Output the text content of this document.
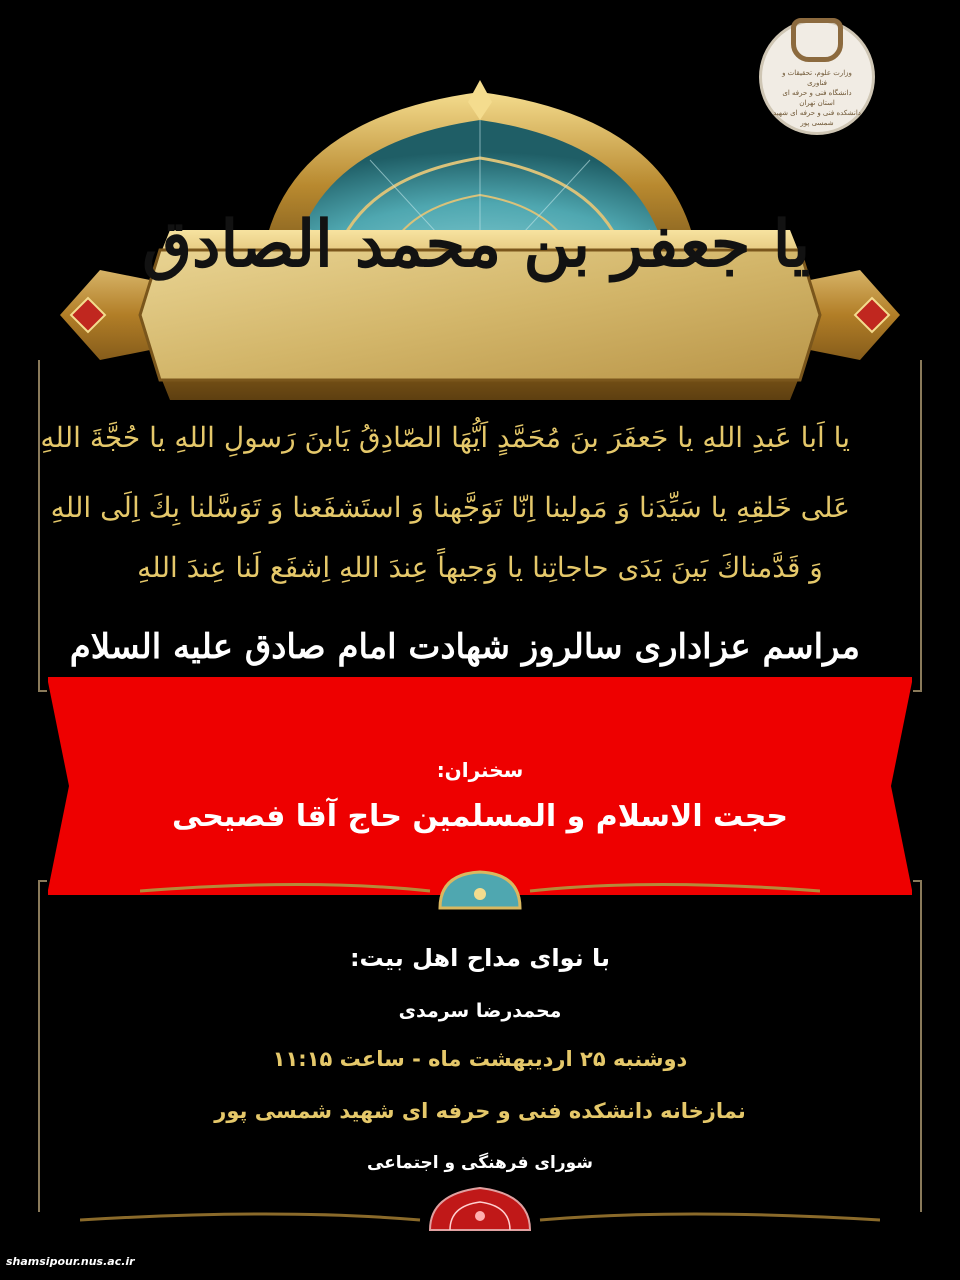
وزارت علوم، تحقیقات و فناوری
دانشگاه فنی و حرفه ای استان تهران
دانشکده فنی و حرفه ای شهید شمسی پور
یا جعفر بن محمد الصادق
یا اَبا عَبدِ اللهِ یا جَعفَرَ بنَ مُحَمَّدٍ اَیُّهَا الصّادِقُ یَابنَ رَسولِ اللهِ یا حُجَّةَ اللهِ
عَلی خَلقِهِ یا سَیِّدَنا وَ مَولینا اِنّا تَوَجَّهنا وَ استَشفَعنا وَ تَوَسَّلنا بِكَ اِلَی اللهِ
وَ قَدَّمناكَ بَینَ یَدَی حاجاتِنا یا وَجیهاً عِندَ اللهِ اِشفَع لَنا عِندَ اللهِ
مراسم عزاداری سالروز شهادت امام صادق علیه السلام
سخنران:
حجت الاسلام و المسلمین حاج آقا فصیحی
با نوای مداح اهل بیت:
محمدرضا سرمدی
دوشنبه ۲۵ اردیبهشت ماه - ساعت ۱۱:۱۵
نمازخانه دانشکده فنی و حرفه ای شهید شمسی پور
شورای فرهنگی و اجتماعی
shamsipour.nus.ac.ir
